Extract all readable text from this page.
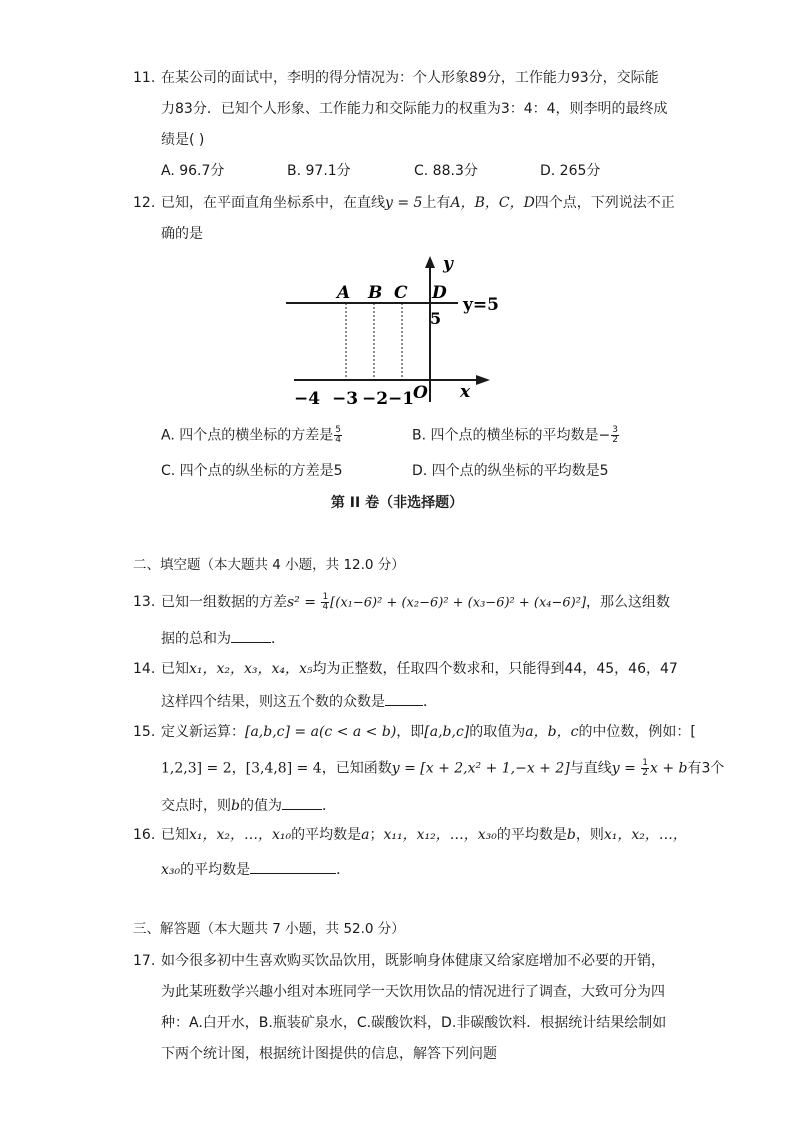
11. 在某公司的面试中，李明的得分情况为：个人形象89分，工作能力93分，交际能
力83分．已知个人形象、工作能力和交际能力的权重为3：4：4，则李明的最终成
绩是( )
A. 96.7分	B. 97.1分	C. 88.3分	D. 265分
12. 已知，在平面直角坐标系中，在直线y = 5上有A，B，C，D四个点，下列说法不正
确的是
y
x
y=5
5
A B C D
−4 −3 −2 −1
O
A. 四个点的横坐标的方差是 $\frac{5}{4}$	B. 四个点的横坐标的平均数是− $\frac{3}{2}$
C. 四个点的纵坐标的方差是5	D. 四个点的纵坐标的平均数是5
第 II 卷（非选择题）
二、填空题（本大题共 4 小题，共 12.0 分）
13. 已知一组数据的方差$s^2 = \frac{1}{4} [(x_1-6)^2 + (x_2-6)^2 + (x_3-6)^2 + (x_4-6)^2]$，那么这组数
据的总和为	．
14. 已知x₁，x₂，x₃，x₄，x₅均为正整数，任取四个数求和，只能得到44，45，46，47
这样四个结果，则这五个数的众数是	．
15. 定义新运算：[a,b,c] = a(c < a < b)，即[a,b,c]的取值为a，b，c的中位数，例如：[
1,2,3] = 2，[3,4,8] = 4，已知函数y = [x + 2,x² + 1,−x + 2]与直线$y = \frac{1}{2}$ x + b有3个
交点时，则b的值为	．
16. 已知x₁，x₂，…，x₁₀的平均数是a；x₁₁，x₁₂，…，x₃₀的平均数是b，则x₁，x₂，…，
x₃₀的平均数是	．
三、解答题（本大题共 7 小题，共 52.0 分）
17. 如今很多初中生喜欢购买饮品饮用，既影响身体健康又给家庭增加不必要的开销，
为此某班数学兴趣小组对本班同学一天饮用饮品的情况进行了调查，大致可分为四
种：A.白开水，B.瓶装矿泉水，C.碳酸饮料，D.非碳酸饮料．根据统计结果绘制如
下两个统计图，根据统计图提供的信息，解答下列问题
